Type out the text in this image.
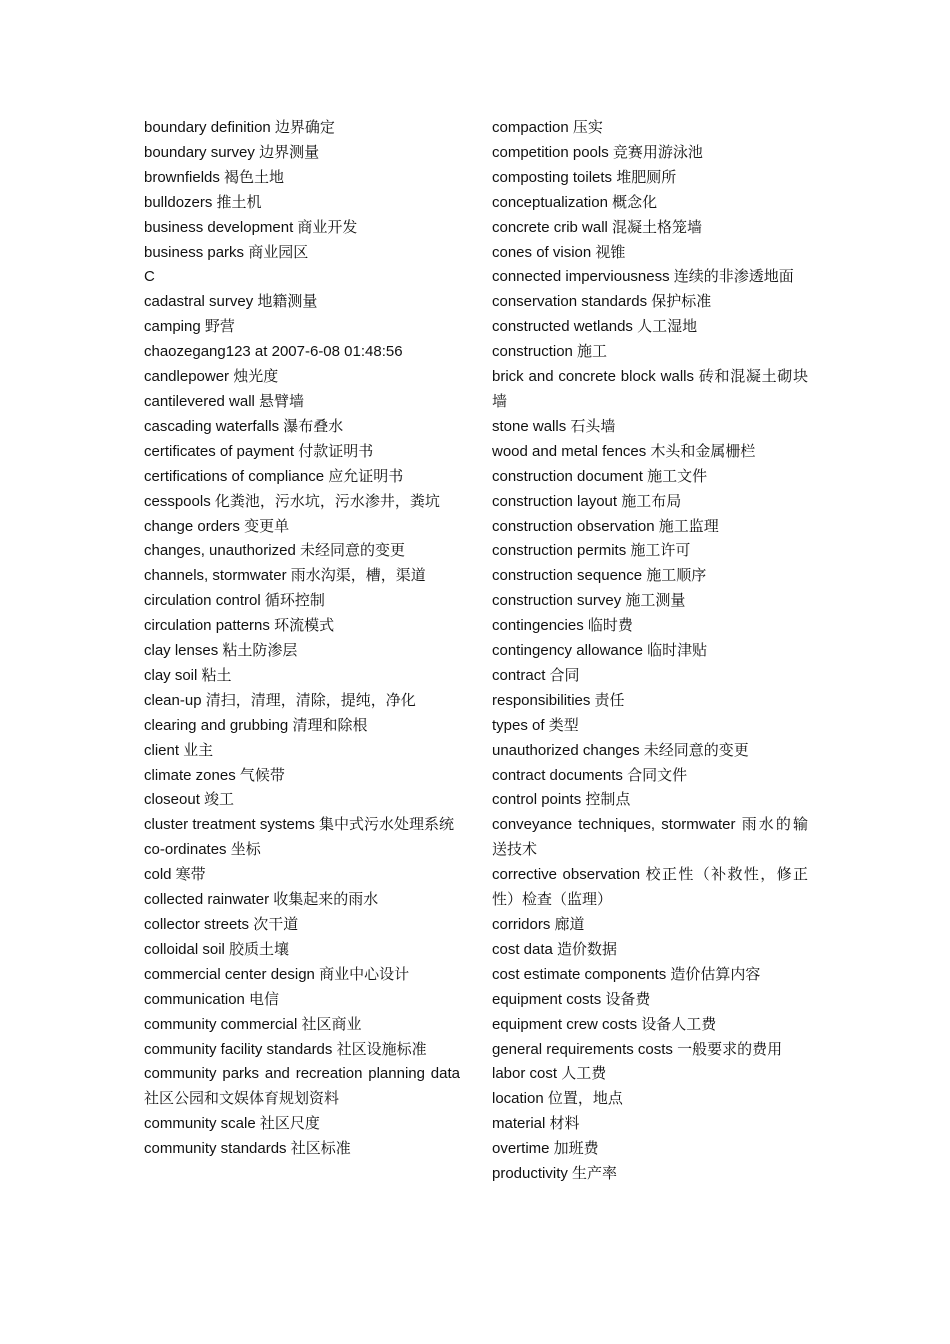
boundary definition 边界确定

boundary survey 边界测量

brownfields 褐色土地

bulldozers 推土机

business development 商业开发

business parks 商业园区

C

cadastral survey 地籍测量

camping 野营

chaozegang123 at 2007-6-08 01:48:56

candlepower 烛光度

cantilevered wall 悬臂墙

cascading waterfalls 瀑布叠水

certificates of payment 付款证明书

certifications of compliance 应允证明书

cesspools 化粪池，污水坑，污水渗井，粪坑

change orders 变更单

changes, unauthorized 未经同意的变更

channels, stormwater 雨水沟渠，槽，渠道

circulation control 循环控制

circulation patterns 环流模式

clay lenses 粘土防渗层

clay soil 粘土

clean-up 清扫，清理，清除，提纯，净化

clearing and grubbing 清理和除根

client 业主

climate zones 气候带

closeout 竣工

cluster treatment systems 集中式污水处理系统

co-ordinates 坐标

cold 寒带

collected rainwater 收集起来的雨水

collector streets 次干道

colloidal soil 胶质土壤

commercial center design 商业中心设计

communication 电信

community commercial 社区商业

community facility standards 社区设施标准

community parks and recreation planning data 社区公园和文娱体育规划资料

community scale 社区尺度

community standards 社区标准

compaction 压实

competition pools 竞赛用游泳池

composting toilets 堆肥厕所

conceptualization 概念化

concrete crib wall 混凝土格笼墙

cones of vision 视锥

connected imperviousness 连续的非渗透地面

conservation standards 保护标准

constructed wetlands 人工湿地

construction 施工

brick and concrete block walls 砖和混凝土砌块墙

stone walls 石头墙

wood and metal fences 木头和金属栅栏

construction document 施工文件

construction layout 施工布局

construction observation 施工监理

construction permits 施工许可

construction sequence 施工顺序

construction survey 施工测量

contingencies 临时费

contingency allowance 临时津贴

contract 合同

responsibilities 责任

types of 类型

unauthorized changes 未经同意的变更

contract documents 合同文件

control points 控制点

conveyance techniques, stormwater 雨水的输送技术

corrective observation 校正性（补救性，修正性）检查（监理）

corridors 廊道

cost data 造价数据

cost estimate components 造价估算内容

equipment costs 设备费

equipment crew costs 设备人工费

general requirements costs 一般要求的费用

labor cost 人工费

location 位置，地点

material 材料

overtime 加班费

productivity 生产率
